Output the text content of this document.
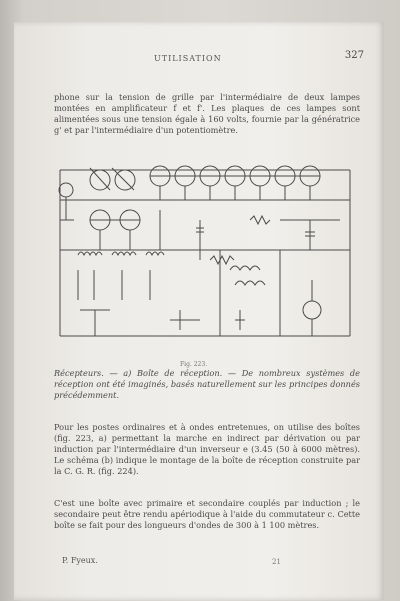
UTILISATION	327

phone sur la tension de grille par l'intermédiaire de deux lampes montées en amplificateur f et f'. Les plaques de ces lampes sont alimentées sous une tension égale à 160 volts, fournie par la génératrice g' et par l'intermédiaire d'un potentiomètre.

Fig. 223.

Récepteurs. — a) Boîte de réception. — De nombreux systèmes de réception ont été imaginés, basés naturellement sur les principes donnés précédemment.

Pour les postes ordinaires et à ondes entretenues, on utilise des boîtes (fig. 223, a) permettant la marche en indirect par dérivation ou par induction par l'intermédiaire d'un inverseur e (3.45 (50 à 6000 mètres). Le schéma (b) indique le montage de la boîte de réception construite par la C. G. R. (fig. 224).

C'est une boîte avec primaire et secondaire couplés par induction ; le secondaire peut être rendu apériodique à l'aide du commutateur c. Cette boîte se fait pour des longueurs d'ondes de 300 à 1 100 mètres.

P. Fyeux.	21
